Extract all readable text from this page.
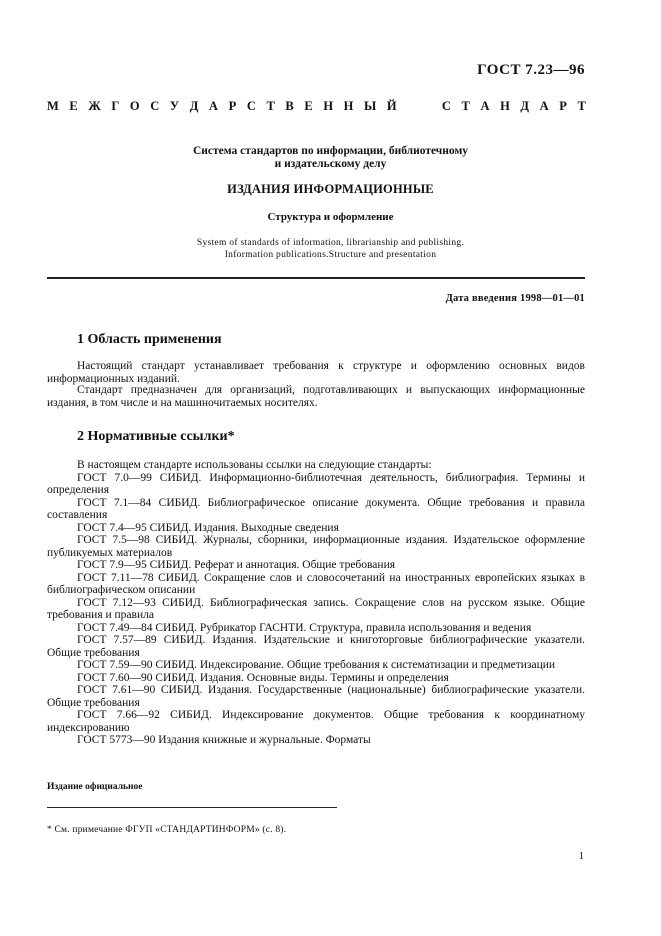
ГОСТ 7.23—96
М Е Ж Г О С У Д А Р С Т В Е Н Н Ы Й	С Т А Н Д А Р Т
Система стандартов по информации, библиотечному
и издательскому делу
ИЗДАНИЯ ИНФОРМАЦИОННЫЕ
Структура и оформление
System of standards of information, librarianship and publishing.
Information publications.Structure and presentation
Дата введения 1998—01—01
1 Область применения
Настоящий стандарт устанавливает требования к структуре и оформлению основных видов информационных изданий.
Стандарт предназначен для организаций, подготавливающих и выпускающих информационные издания, в том числе и на машиночитаемых носителях.
2 Нормативные ссылки*
В настоящем стандарте использованы ссылки на следующие стандарты:
ГОСТ 7.0—99 СИБИД. Информационно-библиотечная деятельность, библиография. Термины и определения
ГОСТ 7.1—84 СИБИД. Библиографическое описание документа. Общие требования и правила составления
ГОСТ 7.4—95 СИБИД. Издания. Выходные сведения
ГОСТ 7.5—98 СИБИД. Журналы, сборники, информационные издания. Издательское оформление публикуемых материалов
ГОСТ 7.9—95 СИБИД. Реферат и аннотация. Общие требования
ГОСТ 7.11—78 СИБИД. Сокращение слов и словосочетаний на иностранных европейских языках в библиографическом описании
ГОСТ 7.12—93 СИБИД. Библиографическая запись. Сокращение слов на русском языке. Общие требования и правила
ГОСТ 7.49—84 СИБИД. Рубрикатор ГАСНТИ. Структура, правила использования и ведения
ГОСТ 7.57—89 СИБИД. Издания. Издательские и книготорговые библиографические указатели. Общие требования
ГОСТ 7.59—90 СИБИД. Индексирование. Общие требования к систематизации и предметизации
ГОСТ 7.60—90 СИБИД. Издания. Основные виды. Термины и определения
ГОСТ 7.61—90 СИБИД. Издания. Государственные (национальные) библиографические указатели. Общие требования
ГОСТ 7.66—92 СИБИД. Индексирование документов. Общие требования к координатному индексированию
ГОСТ 5773—90 Издания книжные и журнальные. Форматы
Издание официальное
* См. примечание ФГУП «СТАНДАРТИНФОРМ» (с. 8).
1
